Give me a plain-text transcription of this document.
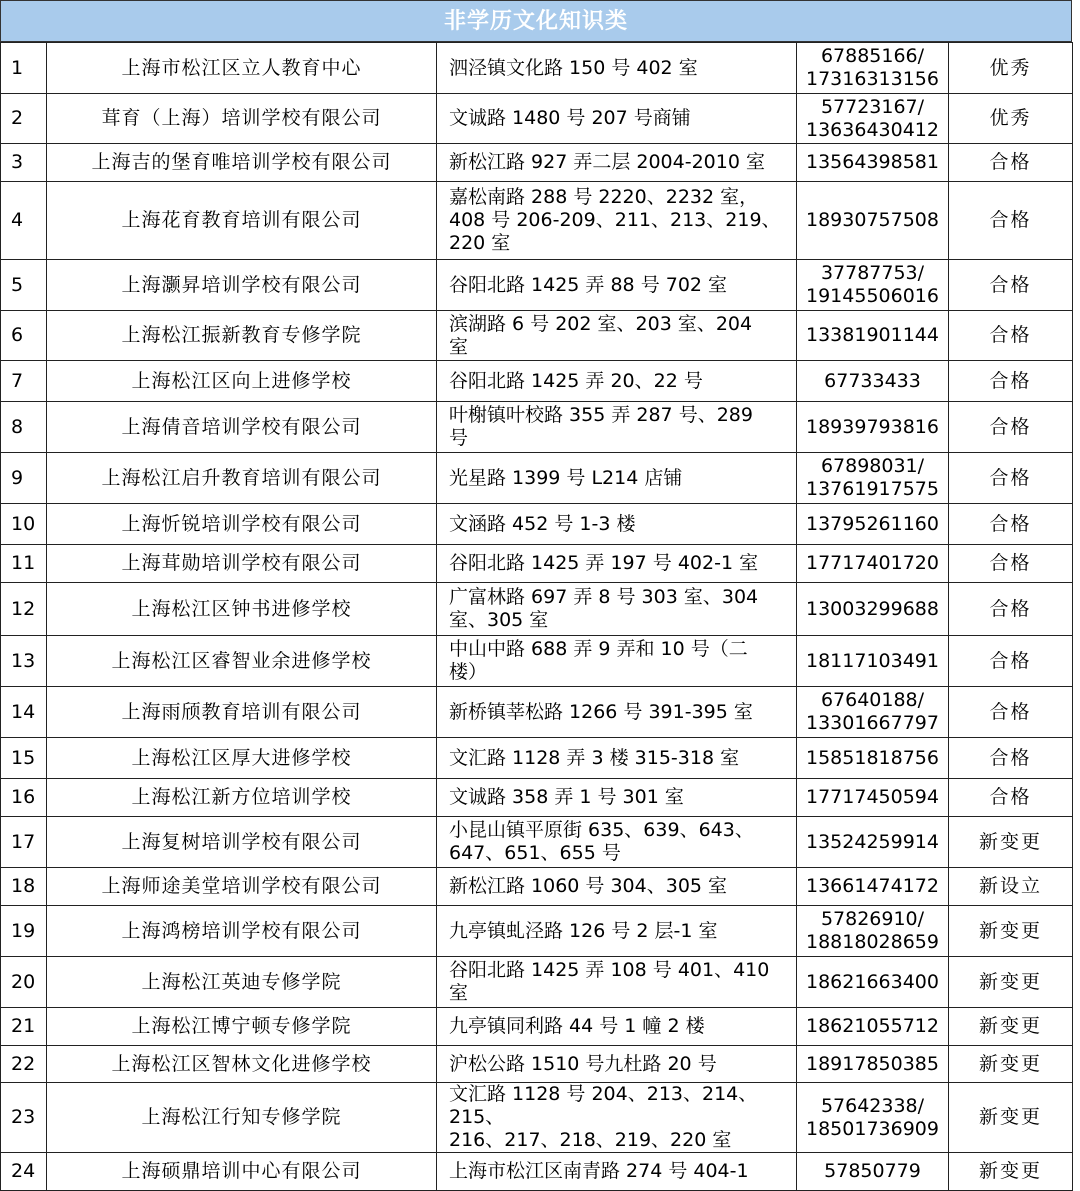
非学历文化知识类
1	上海市松江区立人教育中心	泗泾镇文化路 150 号 402 室	67885166/
17316313156	优秀
2	茸育（上海）培训学校有限公司	文诚路 1480 号 207 号商铺	57723167/
13636430412	优秀
3	上海吉的堡育唯培训学校有限公司	新松江路 927 弄二层 2004-2010 室	13564398581	合格
4	上海花育教育培训有限公司	嘉松南路 288 号 2220、2232 室，
408 号 206-209、211、213、219、
220 室	18930757508	合格
5	上海灏昇培训学校有限公司	谷阳北路 1425 弄 88 号 702 室	37787753/
19145506016	合格
6	上海松江振新教育专修学院	滨湖路 6 号 202 室、203 室、204
室	13381901144	合格
7	上海松江区向上进修学校	谷阳北路 1425 弄 20、22 号	67733433	合格
8	上海倩音培训学校有限公司	叶榭镇叶校路 355 弄 287 号、289
号	18939793816	合格
9	上海松江启升教育培训有限公司	光星路 1399 号 L214 店铺	67898031/
13761917575	合格
10	上海忻锐培训学校有限公司	文涵路 452 号 1-3 楼	13795261160	合格
11	上海茸勋培训学校有限公司	谷阳北路 1425 弄 197 号 402-1 室	17717401720	合格
12	上海松江区钟书进修学校	广富林路 697 弄 8 号 303 室、304
室、305 室	13003299688	合格
13	上海松江区睿智业余进修学校	中山中路 688 弄 9 弄和 10 号（二
楼）	18117103491	合格
14	上海雨颀教育培训有限公司	新桥镇莘松路 1266 号 391-395 室	67640188/
13301667797	合格
15	上海松江区厚大进修学校	文汇路 1128 弄 3 楼 315-318 室	15851818756	合格
16	上海松江新方位培训学校	文诚路 358 弄 1 号 301 室	17717450594	合格
17	上海复树培训学校有限公司	小昆山镇平原街 635、639、643、
647、651、655 号	13524259914	新变更
18	上海师途美堂培训学校有限公司	新松江路 1060 号 304、305 室	13661474172	新设立
19	上海鸿榜培训学校有限公司	九亭镇虬泾路 126 号 2 层-1 室	57826910/
18818028659	新变更
20	上海松江英迪专修学院	谷阳北路 1425 弄 108 号 401、410
室	18621663400	新变更
21	上海松江博宁顿专修学院	九亭镇同利路 44 号 1 幢 2 楼	18621055712	新变更
22	上海松江区智林文化进修学校	沪松公路 1510 号九杜路 20 号	18917850385	新变更
23	上海松江行知专修学院	文汇路 1128 号 204、213、214、215、
216、217、218、219、220 室	57642338/
18501736909	新变更
24	上海硕鼎培训中心有限公司	上海市松江区南青路 274 号 404-1	57850779	新变更
